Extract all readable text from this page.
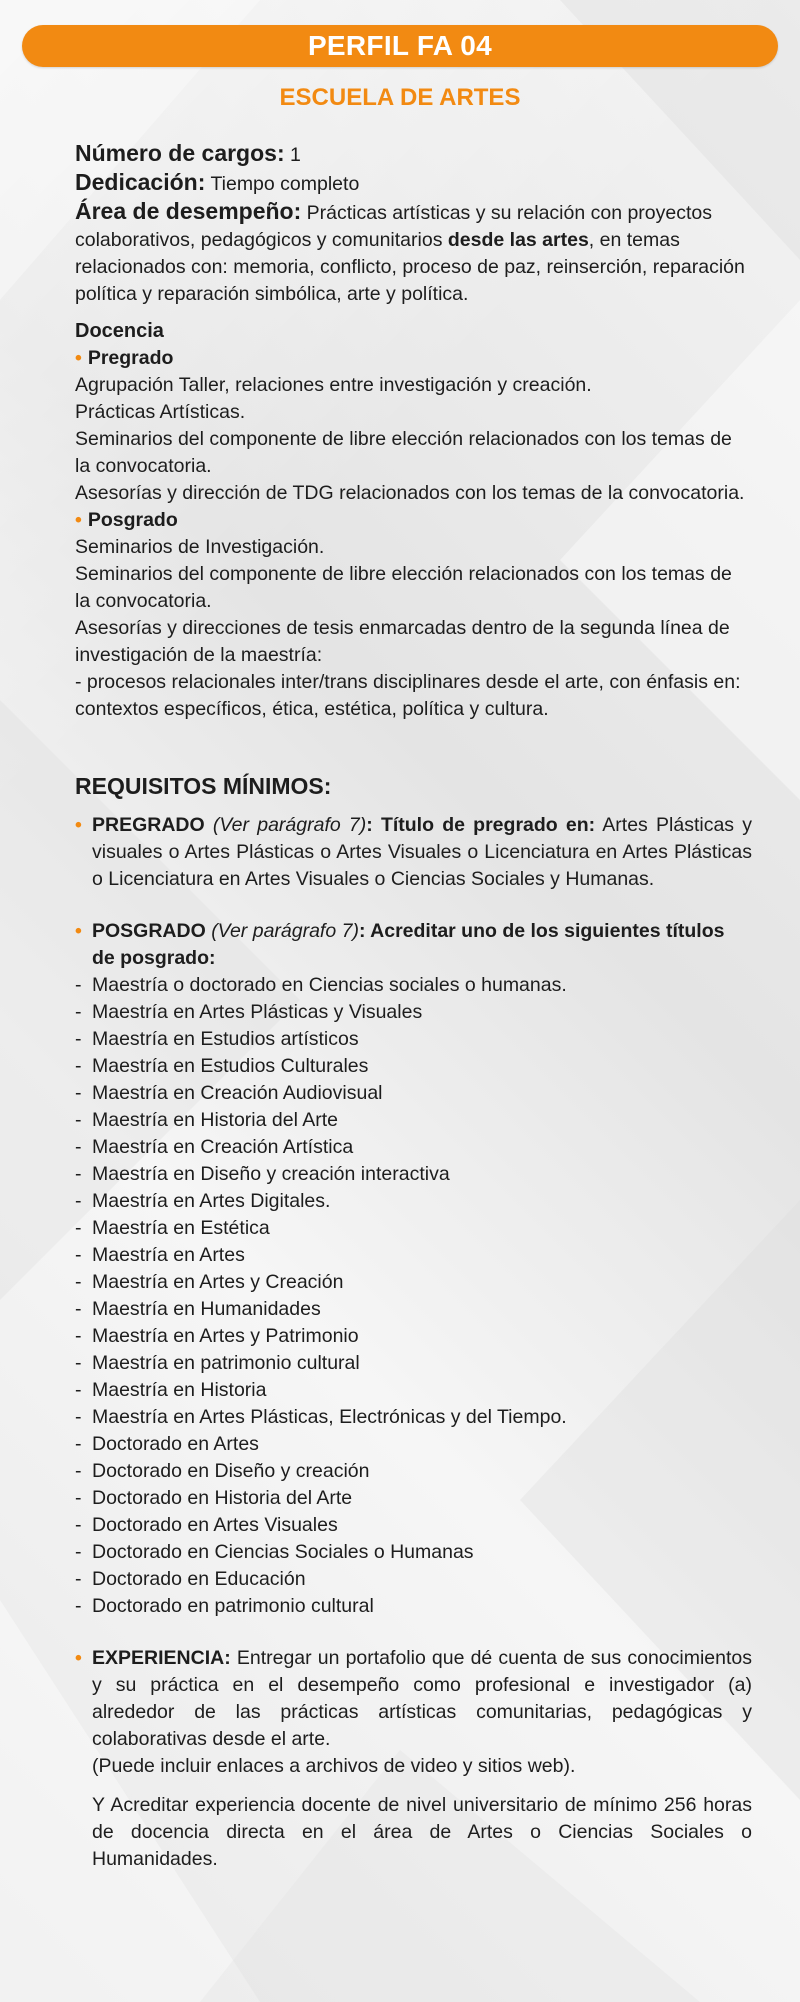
PERFIL FA 04
ESCUELA DE ARTES
Número de cargos: 1
Dedicación: Tiempo completo
Área de desempeño: Prácticas artísticas y su relación con proyectos colaborativos, pedagógicos y comunitarios desde las artes, en temas relacionados con: memoria, conflicto, proceso de paz, reinserción, reparación política y reparación simbólica, arte y política.
Docencia
• Pregrado
Agrupación Taller, relaciones entre investigación y creación.
Prácticas Artísticas.
Seminarios del componente de libre elección relacionados con los temas de la convocatoria.
Asesorías y dirección de TDG relacionados con los temas de la convocatoria.
• Posgrado
Seminarios de Investigación.
Seminarios del componente de libre elección relacionados con los temas de la convocatoria.
Asesorías y direcciones de tesis enmarcadas dentro de la segunda línea de investigación de la maestría:
- procesos relacionales inter/trans disciplinares desde el arte, con énfasis en: contextos específicos, ética, estética, política y cultura.
REQUISITOS MÍNIMOS:
• PREGRADO (Ver parágrafo 7): Título de pregrado en: Artes Plásticas y visuales o Artes Plásticas o Artes Visuales o Licenciatura en Artes Plásticas o Licenciatura en Artes Visuales o Ciencias Sociales y Humanas.
• POSGRADO (Ver parágrafo 7): Acreditar uno de los siguientes títulos de posgrado:
- Maestría o doctorado en Ciencias sociales o humanas.
- Maestría en Artes Plásticas y Visuales
- Maestría en Estudios artísticos
- Maestría en Estudios Culturales
- Maestría en Creación Audiovisual
- Maestría en Historia del Arte
- Maestría en Creación Artística
- Maestría en Diseño y creación interactiva
- Maestría en Artes Digitales.
- Maestría en Estética
- Maestría en Artes
- Maestría en Artes y Creación
- Maestría en Humanidades
- Maestría en Artes y Patrimonio
- Maestría en patrimonio cultural
- Maestría en Historia
- Maestría en Artes Plásticas, Electrónicas y del Tiempo.
- Doctorado en Artes
- Doctorado en Diseño y creación
- Doctorado en Historia del Arte
- Doctorado en Artes Visuales
- Doctorado en Ciencias Sociales o Humanas
- Doctorado en Educación
- Doctorado en patrimonio cultural
• EXPERIENCIA: Entregar un portafolio que dé cuenta de sus conocimientos y su práctica en el desempeño como profesional e investigador (a) alrededor de las prácticas artísticas comunitarias, pedagógicas y colaborativas desde el arte.
(Puede incluir enlaces a archivos de video y sitios web).
Y Acreditar experiencia docente de nivel universitario de mínimo 256 horas de docencia directa en el área de Artes o Ciencias Sociales o Humanidades.
